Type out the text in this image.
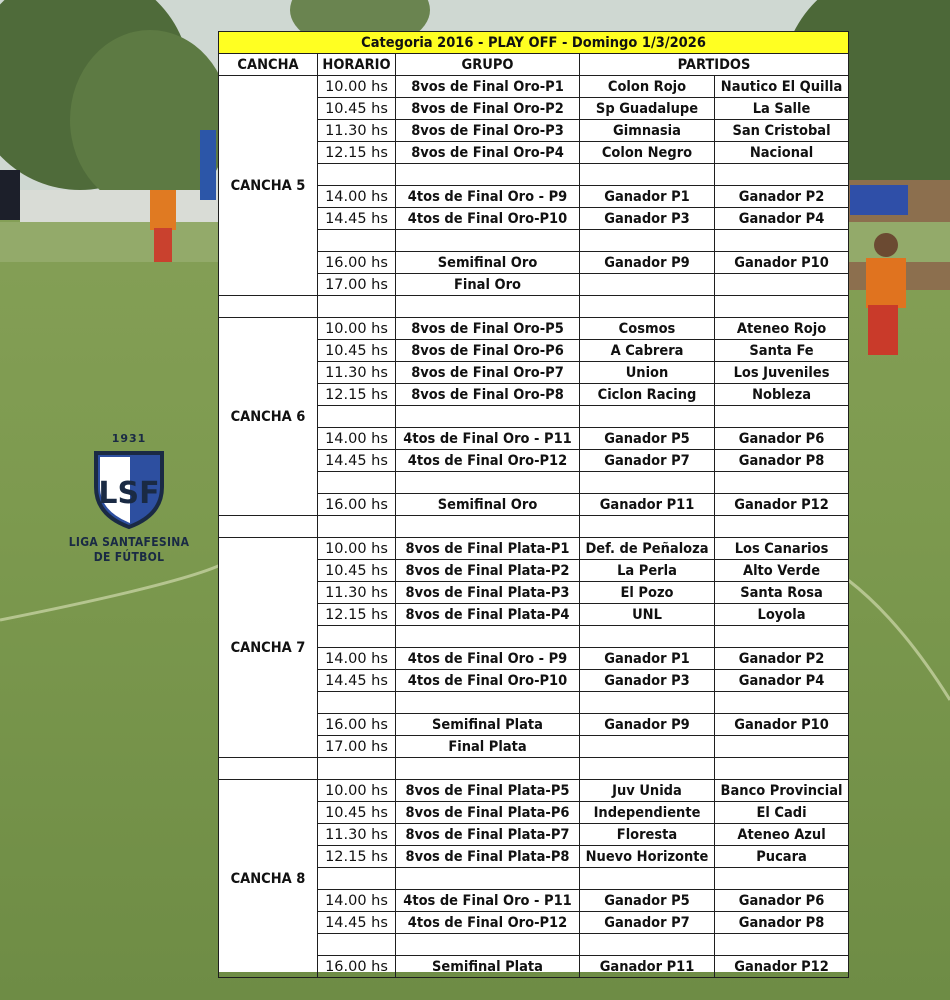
1931
LSF
LIGA SANTAFESINA
DE FÚTBOL
Categoria 2016 - PLAY OFF - Domingo 1/3/2026				
CANCHA	HORARIO	GRUPO	PARTIDOS	
CANCHA 5	10.00 hs	8vos de Final Oro-P1	Colon Rojo	Nautico El Quilla
	10.45 hs	8vos de Final Oro-P2	Sp Guadalupe	La Salle
	11.30 hs	8vos de Final Oro-P3	Gimnasia	San Cristobal
	12.15 hs	8vos de Final Oro-P4	Colon Negro	Nacional

	14.00 hs	4tos de Final Oro - P9	Ganador P1	Ganador P2
	14.45 hs	4tos de Final Oro-P10	Ganador P3	Ganador P4

	16.00 hs	Semifinal Oro	Ganador P9	Ganador P10
	17.00 hs	Final Oro		

CANCHA 6	10.00 hs	8vos de Final Oro-P5	Cosmos	Ateneo Rojo
	10.45 hs	8vos de Final Oro-P6	A Cabrera	Santa Fe
	11.30 hs	8vos de Final Oro-P7	Union	Los Juveniles
	12.15 hs	8vos de Final Oro-P8	Ciclon Racing	Nobleza

	14.00 hs	4tos de Final Oro - P11	Ganador P5	Ganador P6
	14.45 hs	4tos de Final Oro-P12	Ganador P7	Ganador P8

	16.00 hs	Semifinal Oro	Ganador P11	Ganador P12

CANCHA 7	10.00 hs	8vos de Final Plata-P1	Def. de Peñaloza	Los Canarios
	10.45 hs	8vos de Final Plata-P2	La Perla	Alto Verde
	11.30 hs	8vos de Final Plata-P3	El Pozo	Santa Rosa
	12.15 hs	8vos de Final Plata-P4	UNL	Loyola

	14.00 hs	4tos de Final Oro - P9	Ganador P1	Ganador P2
	14.45 hs	4tos de Final Oro-P10	Ganador P3	Ganador P4

	16.00 hs	Semifinal Plata	Ganador P9	Ganador P10
	17.00 hs	Final Plata		

CANCHA 8	10.00 hs	8vos de Final Plata-P5	Juv Unida	Banco Provincial
	10.45 hs	8vos de Final Plata-P6	Independiente	El Cadi
	11.30 hs	8vos de Final Plata-P7	Floresta	Ateneo Azul
	12.15 hs	8vos de Final Plata-P8	Nuevo Horizonte	Pucara

	14.00 hs	4tos de Final Oro - P11	Ganador P5	Ganador P6
	14.45 hs	4tos de Final Oro-P12	Ganador P7	Ganador P8

	16.00 hs	Semifinal Plata	Ganador P11	Ganador P12
